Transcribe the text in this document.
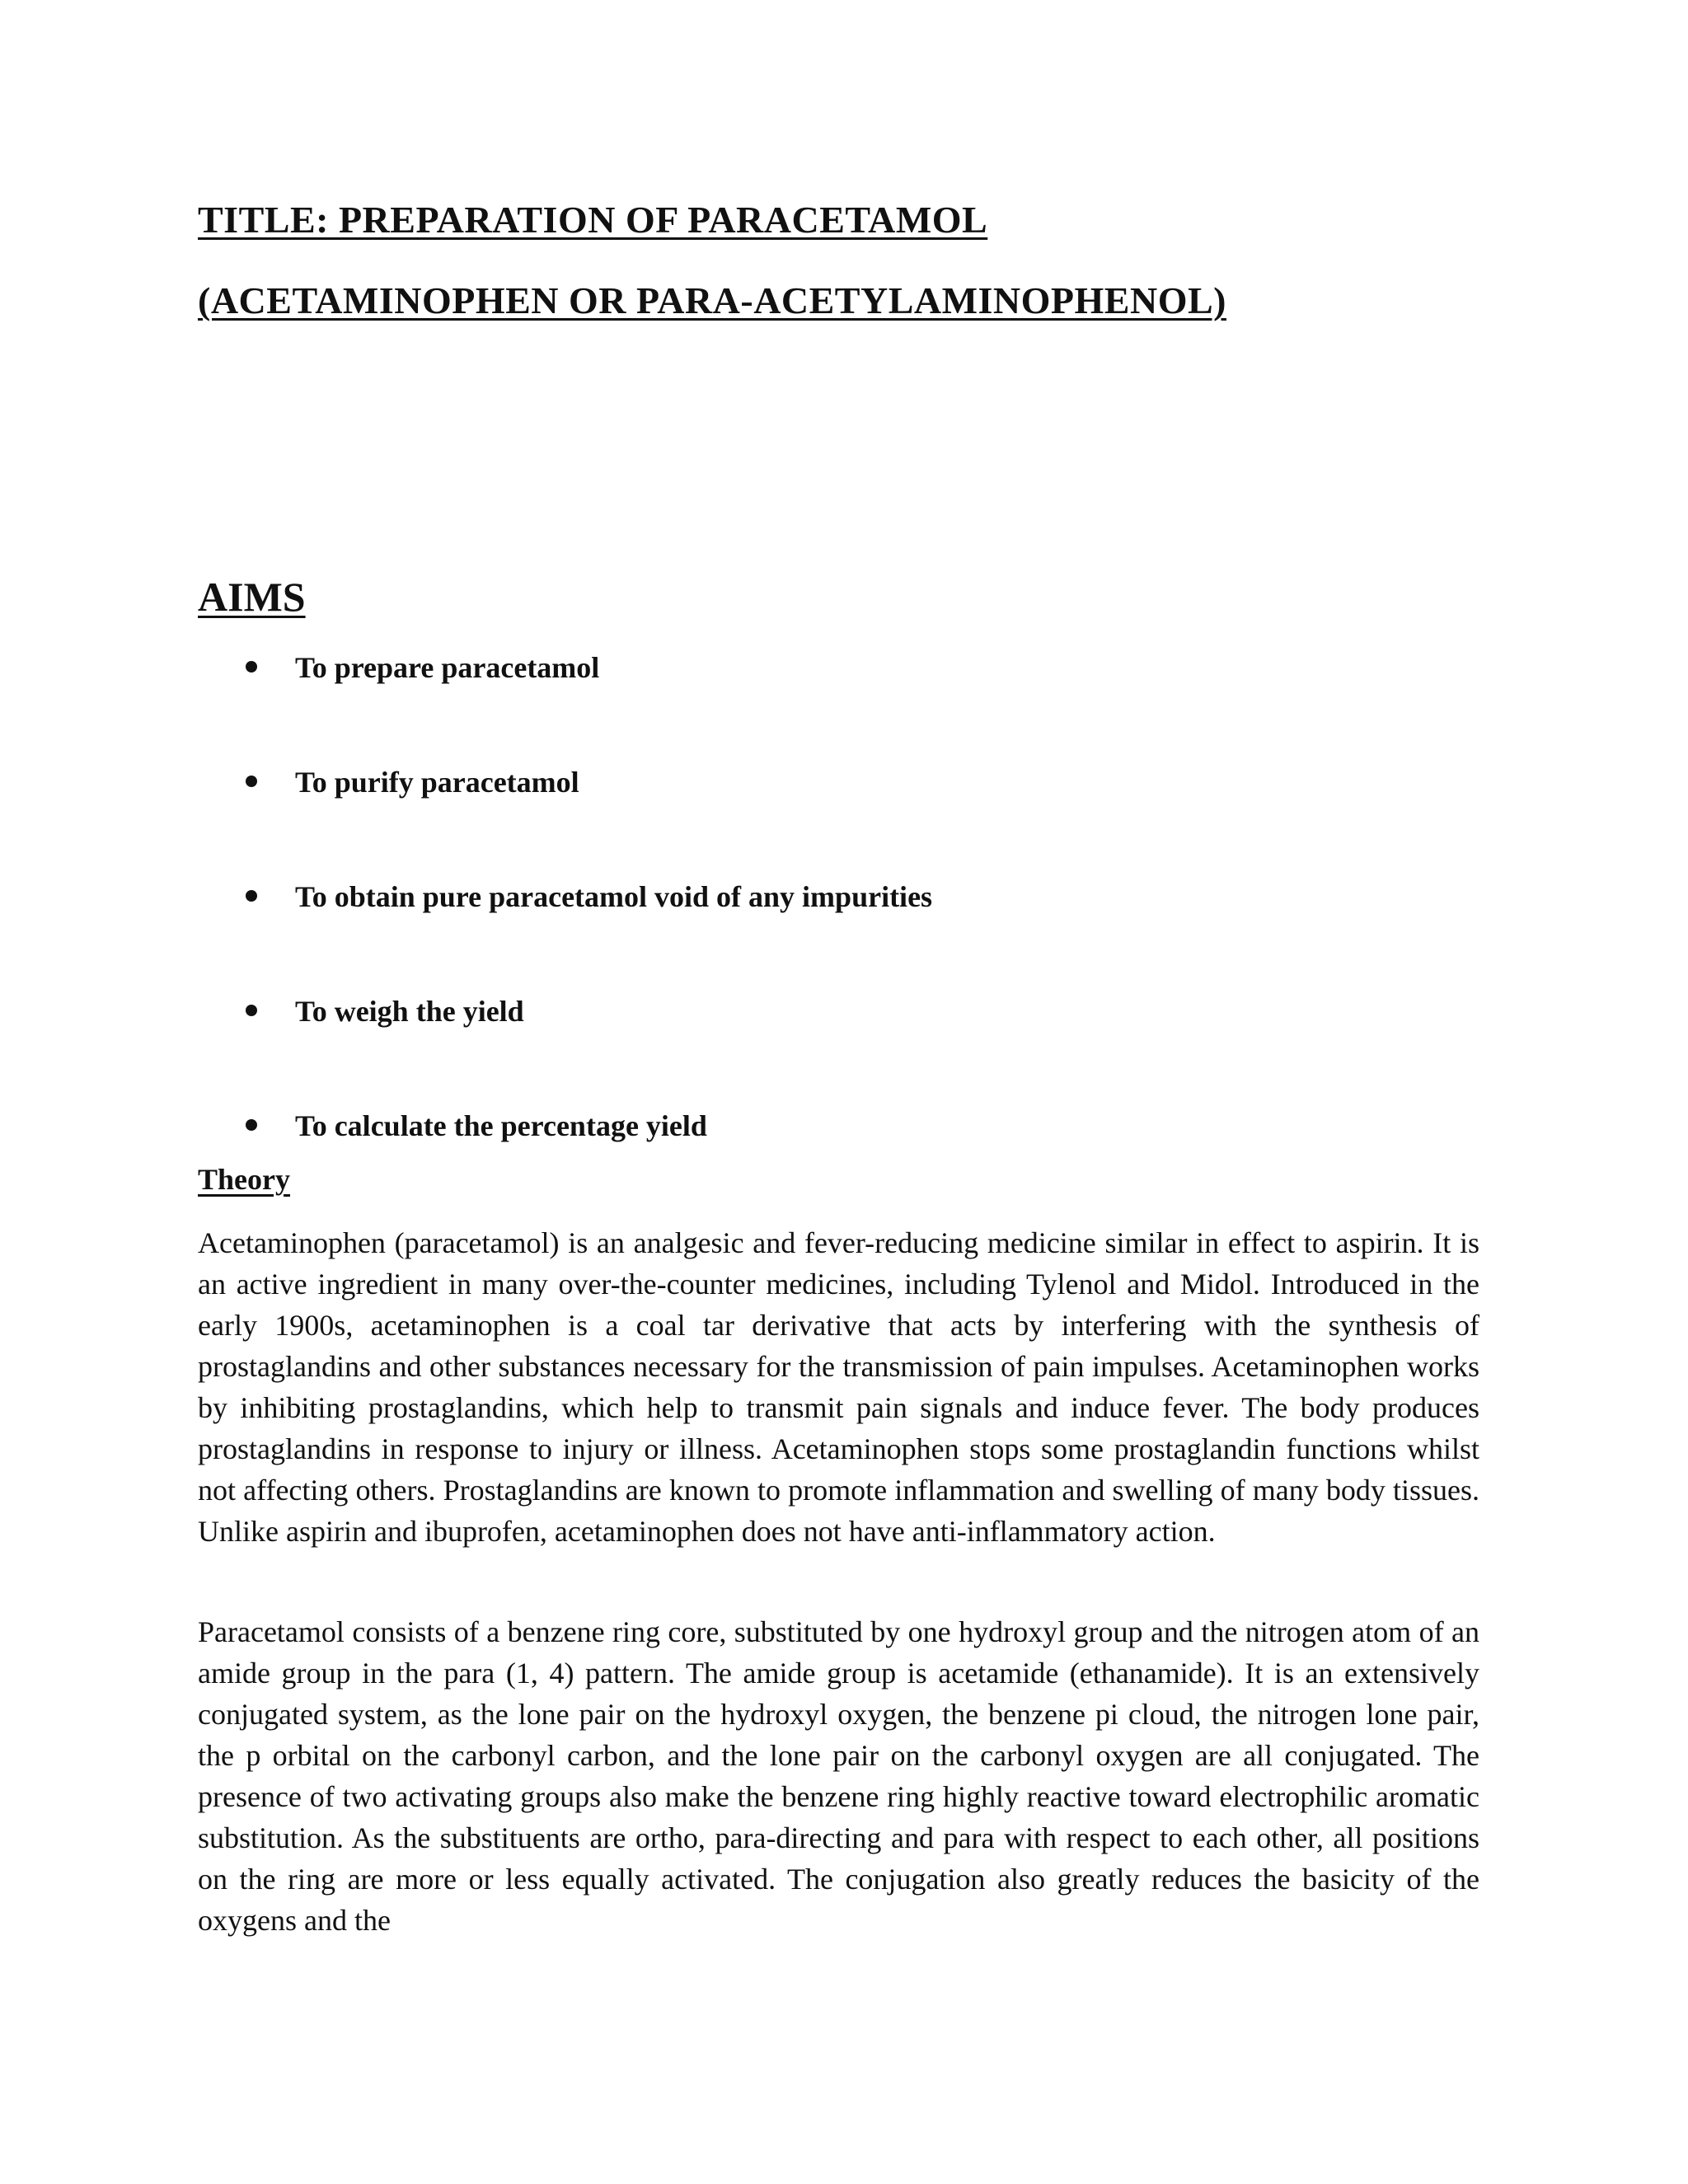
TITLE: PREPARATION OF PARACETAMOL
(ACETAMINOPHEN OR PARA-ACETYLAMINOPHENOL)
AIMS
To prepare paracetamol
To purify paracetamol
To obtain pure paracetamol void of any impurities
To weigh the yield
To calculate the percentage yield
Theory

Acetaminophen (paracetamol) is an analgesic and fever-reducing medicine similar in effect to aspirin. It is an active ingredient in many over-the-counter medicines, including Tylenol and Midol. Introduced in the early 1900s, acetaminophen is a coal tar derivative that acts by interfering with the synthesis of prostaglandins and other substances necessary for the transmission of pain impulses. Acetaminophen works by inhibiting prostaglandins, which help to transmit pain signals and induce fever. The body produces prostaglandins in response to injury or illness. Acetaminophen stops some prostaglandin functions whilst not affecting others. Prostaglandins are known to promote inflammation and swelling of many body tissues. Unlike aspirin and ibuprofen, acetaminophen does not have anti-inflammatory action.

Paracetamol consists of a benzene ring core, substituted by one hydroxyl group and the nitrogen atom of an amide group in the para (1, 4) pattern. The amide group is acetamide (ethanamide). It is an extensively conjugated system, as the lone pair on the hydroxyl oxygen, the benzene pi cloud, the nitrogen lone pair, the p orbital on the carbonyl carbon, and the lone pair on the carbonyl oxygen are all conjugated. The presence of two activating groups also make the benzene ring highly reactive toward electrophilic aromatic substitution. As the substituents are ortho, para-directing and para with respect to each other, all positions on the ring are more or less equally activated. The conjugation also greatly reduces the basicity of the oxygens and the
